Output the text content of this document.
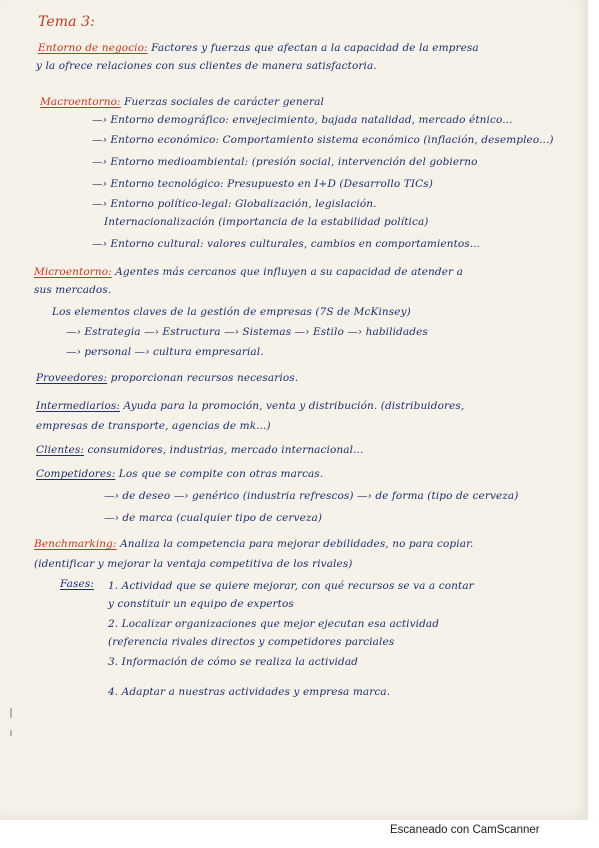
Tema 3:
Entorno de negocio: Factores y fuerzas que afectan a la capacidad de la empresa
y la ofrece relaciones con sus clientes de manera satisfactoria.
Macroentorno: Fuerzas sociales de carácter general
—› Entorno demográfico: envejecimiento, bajada natalidad, mercado étnico...
—› Entorno económico: Comportamiento sistema económico (inflación, desempleo...)
—› Entorno medioambiental: (presión social, intervención del gobierno
—› Entorno tecnológico: Presupuesto en I+D (Desarrollo TICs)
—› Entorno político-legal: Globalización, legislación.
Internacionalización (importancia de la estabilidad política)
—› Entorno cultural: valores culturales, cambios en comportamientos...
Microentorno: Agentes más cercanos que influyen a su capacidad de atender a
sus mercados.
Los elementos claves de la gestión de empresas (7S de McKinsey)
—› Estrategia —› Estructura —› Sistemas —› Estilo —› habilidades
—› personal —› cultura empresarial.
Proveedores: proporcionan recursos necesarios.
Intermediarios: Ayuda para la promoción, venta y distribución. (distribuidores,
empresas de transporte, agencias de mk...)
Clientes: consumidores, industrias, mercado internacional...
Competidores: Los que se compite con otras marcas.
—› de deseo —› genérico (industria refrescos) —› de forma (tipo de cerveza)
—› de marca (cualquier tipo de cerveza)
Benchmarking: Analiza la competencia para mejorar debilidades, no para copiar.
(identificar y mejorar la ventaja competitiva de los rivales)
Fases: 1. Actividad que se quiere mejorar, con qué recursos se va a contar
y constituir un equipo de expertos
2. Localizar organizaciones que mejor ejecutan esa actividad
(referencia rivales directos y competidores parciales
3. Información de cómo se realiza la actividad
4. Adaptar a nuestras actividades y empresa marca.
Escaneado con CamScanner
